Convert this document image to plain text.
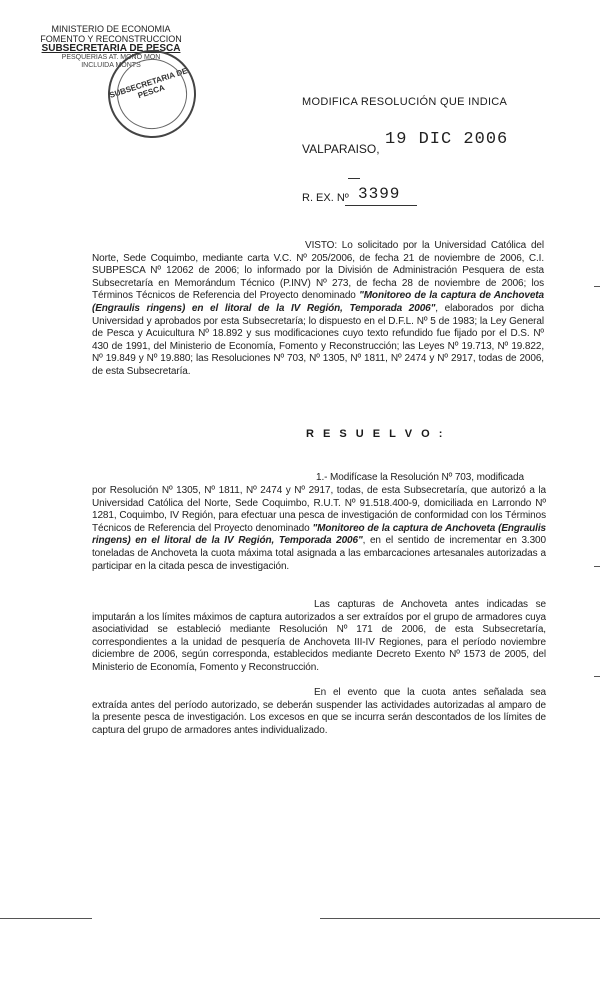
MINISTERIO DE ECONOMIA
FOMENTO Y RECONSTRUCCION
SUBSECRETARIA DE PESCA
PESQUERIAS AT. MONO MON
INCLUIDA MONTS
SUBSECRETARIA DE PESCA
MODIFICA RESOLUCIÓN QUE INDICA
VALPARAISO, 19 DIC 2006
R. EX. Nº 3399
VISTO: Lo solicitado por la Universidad Católica del Norte, Sede Coquimbo, mediante carta V.C. Nº 205/2006, de fecha 21 de noviembre de 2006, C.I. SUBPESCA Nº 12062 de 2006; lo informado por la División de Administración Pesquera de esta Subsecretaría en Memorándum Técnico (P.INV) Nº 273, de fecha 28 de noviembre de 2006; los Términos Técnicos de Referencia del Proyecto denominado "Monitoreo de la captura de Anchoveta (Engraulis ringens) en el litoral de la IV Región, Temporada 2006", elaborados por dicha Universidad y aprobados por esta Subsecretaría; lo dispuesto en el D.F.L. Nº 5 de 1983; la Ley General de Pesca y Acuicultura Nº 18.892 y sus modificaciones cuyo texto refundido fue fijado por el D.S. Nº 430 de 1991, del Ministerio de Economía, Fomento y Reconstrucción; las Leyes Nº 19.713, Nº 19.822, Nº 19.849 y Nº 19.880; las Resoluciones Nº 703, Nº 1305, Nº 1811, Nº 2474 y Nº 2917, todas de 2006, de esta Subsecretaría.
R E S U E L V O :
1.- Modifícase la Resolución Nº 703, modificada
por Resolución Nº 1305, Nº 1811, Nº 2474 y Nº 2917, todas, de esta Subsecretaría, que autorizó a la Universidad Católica del Norte, Sede Coquimbo, R.U.T. Nº 91.518.400-9, domiciliada en Larrondo Nº 1281, Coquimbo, IV Región, para efectuar una pesca de investigación de conformidad con los Términos Técnicos de Referencia del Proyecto denominado "Monitoreo de la captura de Anchoveta (Engraulis ringens) en el litoral de la IV Región, Temporada 2006", en el sentido de incrementar en 3.300 toneladas de Anchoveta la cuota máxima total asignada a las embarcaciones artesanales autorizadas a participar en la citada pesca de investigación.
Las capturas de Anchoveta antes indicadas se imputarán a los límites máximos de captura autorizados a ser extraídos por el grupo de armadores cuya asociatividad se estableció mediante Resolución Nº 171 de 2006, de esta Subsecretaría, correspondientes a la unidad de pesquería de Anchoveta III-IV Regiones, para el período noviembre diciembre de 2006, según corresponda, establecidos mediante Decreto Exento Nº 1573 de 2005, del Ministerio de Economía, Fomento y Reconstrucción.
En el evento que la cuota antes señalada sea extraída antes del período autorizado, se deberán suspender las actividades autorizadas al amparo de la presente pesca de investigación. Los excesos en que se incurra serán descontados de los límites de captura del grupo de armadores antes individualizado.
